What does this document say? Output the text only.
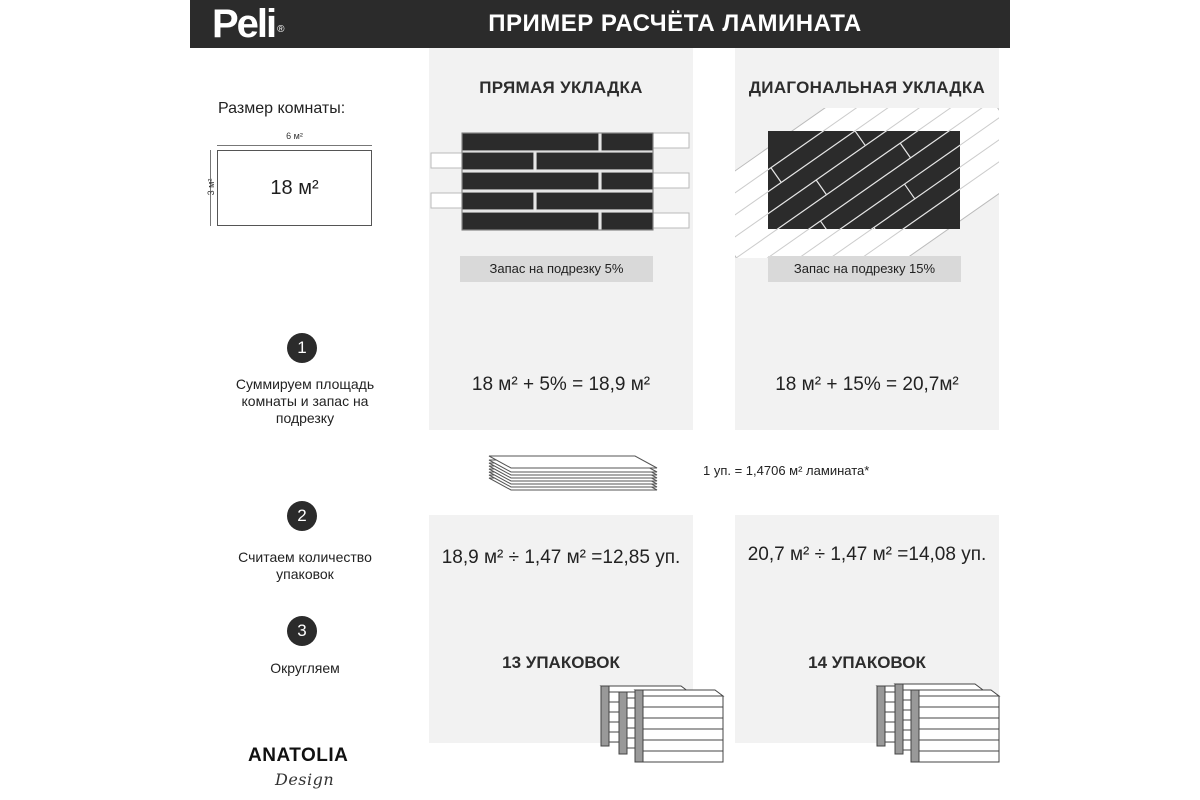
Peli ®	ПРИМЕР РАСЧЁТА ЛАМИНАТА
Размер комнаты:
6 м²
3 м²	18 м²
ПРЯМАЯ УКЛАДКА
Запас на подрезку 5%
18 м² + 5% = 18,9 м²
18,9 м² ÷ 1,47 м² =12,85 уп.
13 УПАКОВОК
ДИАГОНАЛЬНАЯ УКЛАДКА
Запас на подрезку 15%
18 м² + 15% = 20,7м²
20,7 м² ÷ 1,47 м² =14,08 уп.
14 УПАКОВОК
1
Суммируем площадь комнаты и запас на подрезку
2
Считаем количество упаковок
3
Округляем
1 уп. = 1,4706 м² ламината*
ANATOLIA
Design
